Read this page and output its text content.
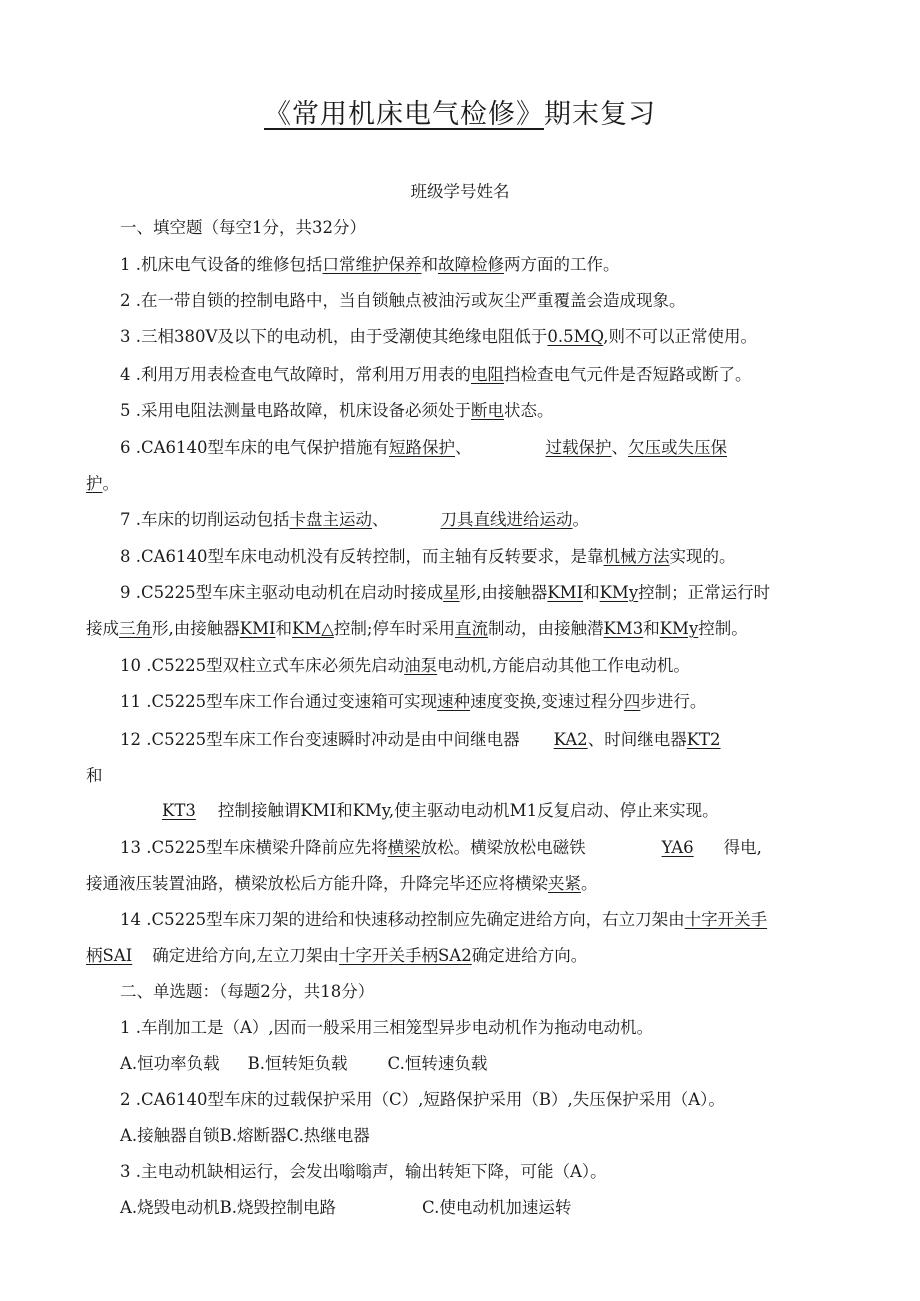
《常用机床电气检修》期末复习
班级学号姓名
一、填空题（每空1分，共32分）
1 .机床电气设备的维修包括口常维护保养和故障检修两方面的工作。
2 .在一带自锁的控制电路中，当自锁触点被油污或灰尘严重覆盖会造成现象。
3 .三相380V及以下的电动机，由于受潮使其绝缘电阻低于0.5MQ,则不可以正常使用。
4 .利用万用表检查电气故障时，常利用万用表的电阻挡检查电气元件是否短路或断了。
5 .采用电阻法测量电路故障，机床设备必须处于断电状态。
6 .CA6140型车床的电气保护措施有短路保护、	过载保护、欠压或失压保
护。
7 .车床的切削运动包括卡盘主运动、	刀具直线进给运动。
8 .CA6140型车床电动机没有反转控制，而主轴有反转要求，是靠机械方法实现的。
9 .C5225型车床主驱动电动机在启动时接成星形,由接触器KMI和KMy控制；正常运行时
接成三角形,由接触器KMI和KM△控制;停车时采用直流制动，由接触潜KM3和KMy控制。
10 .C5225型双柱立式车床必须先启动油泵电动机,方能启动其他工作电动机。
11 .C5225型车床工作台通过变速箱可实现速种速度变换,变速过程分四步进行。
12 .C5225型车床工作台变速瞬时冲动是由中间继电器 KA2、时间继电器KT2
和
KT3 控制接触谓KMI和KMy,使主驱动电动机M1反复启动、停止来实现。
13 .C5225型车床横梁升降前应先将横梁放松。横梁放松电磁铁	YA6 得电,
接通液压装置油路，横梁放松后方能升降，升降完毕还应将横梁夹紧。
14 .C5225型车床刀架的进给和快速移动控制应先确定进给方向，右立刀架由十字开关手
柄SAI 确定进给方向,左立刀架由十字开关手柄SA2确定进给方向。
二、单选题：（每题2分，共18分）
1 .车削加工是（A）,因而一般采用三相笼型异步电动机作为拖动电动机。
A.恒功率负载 B.恒转矩负载 C.恒转速负载
2 .CA6140型车床的过载保护采用（C）,短路保护采用（B）,失压保护采用（A）。
A.接触器自锁B.熔断器C.热继电器
3 .主电动机缺相运行，会发出嗡嗡声，输出转矩下降，可能（A）。
A.烧毁电动机B.烧毁控制电路	C.使电动机加速运转
